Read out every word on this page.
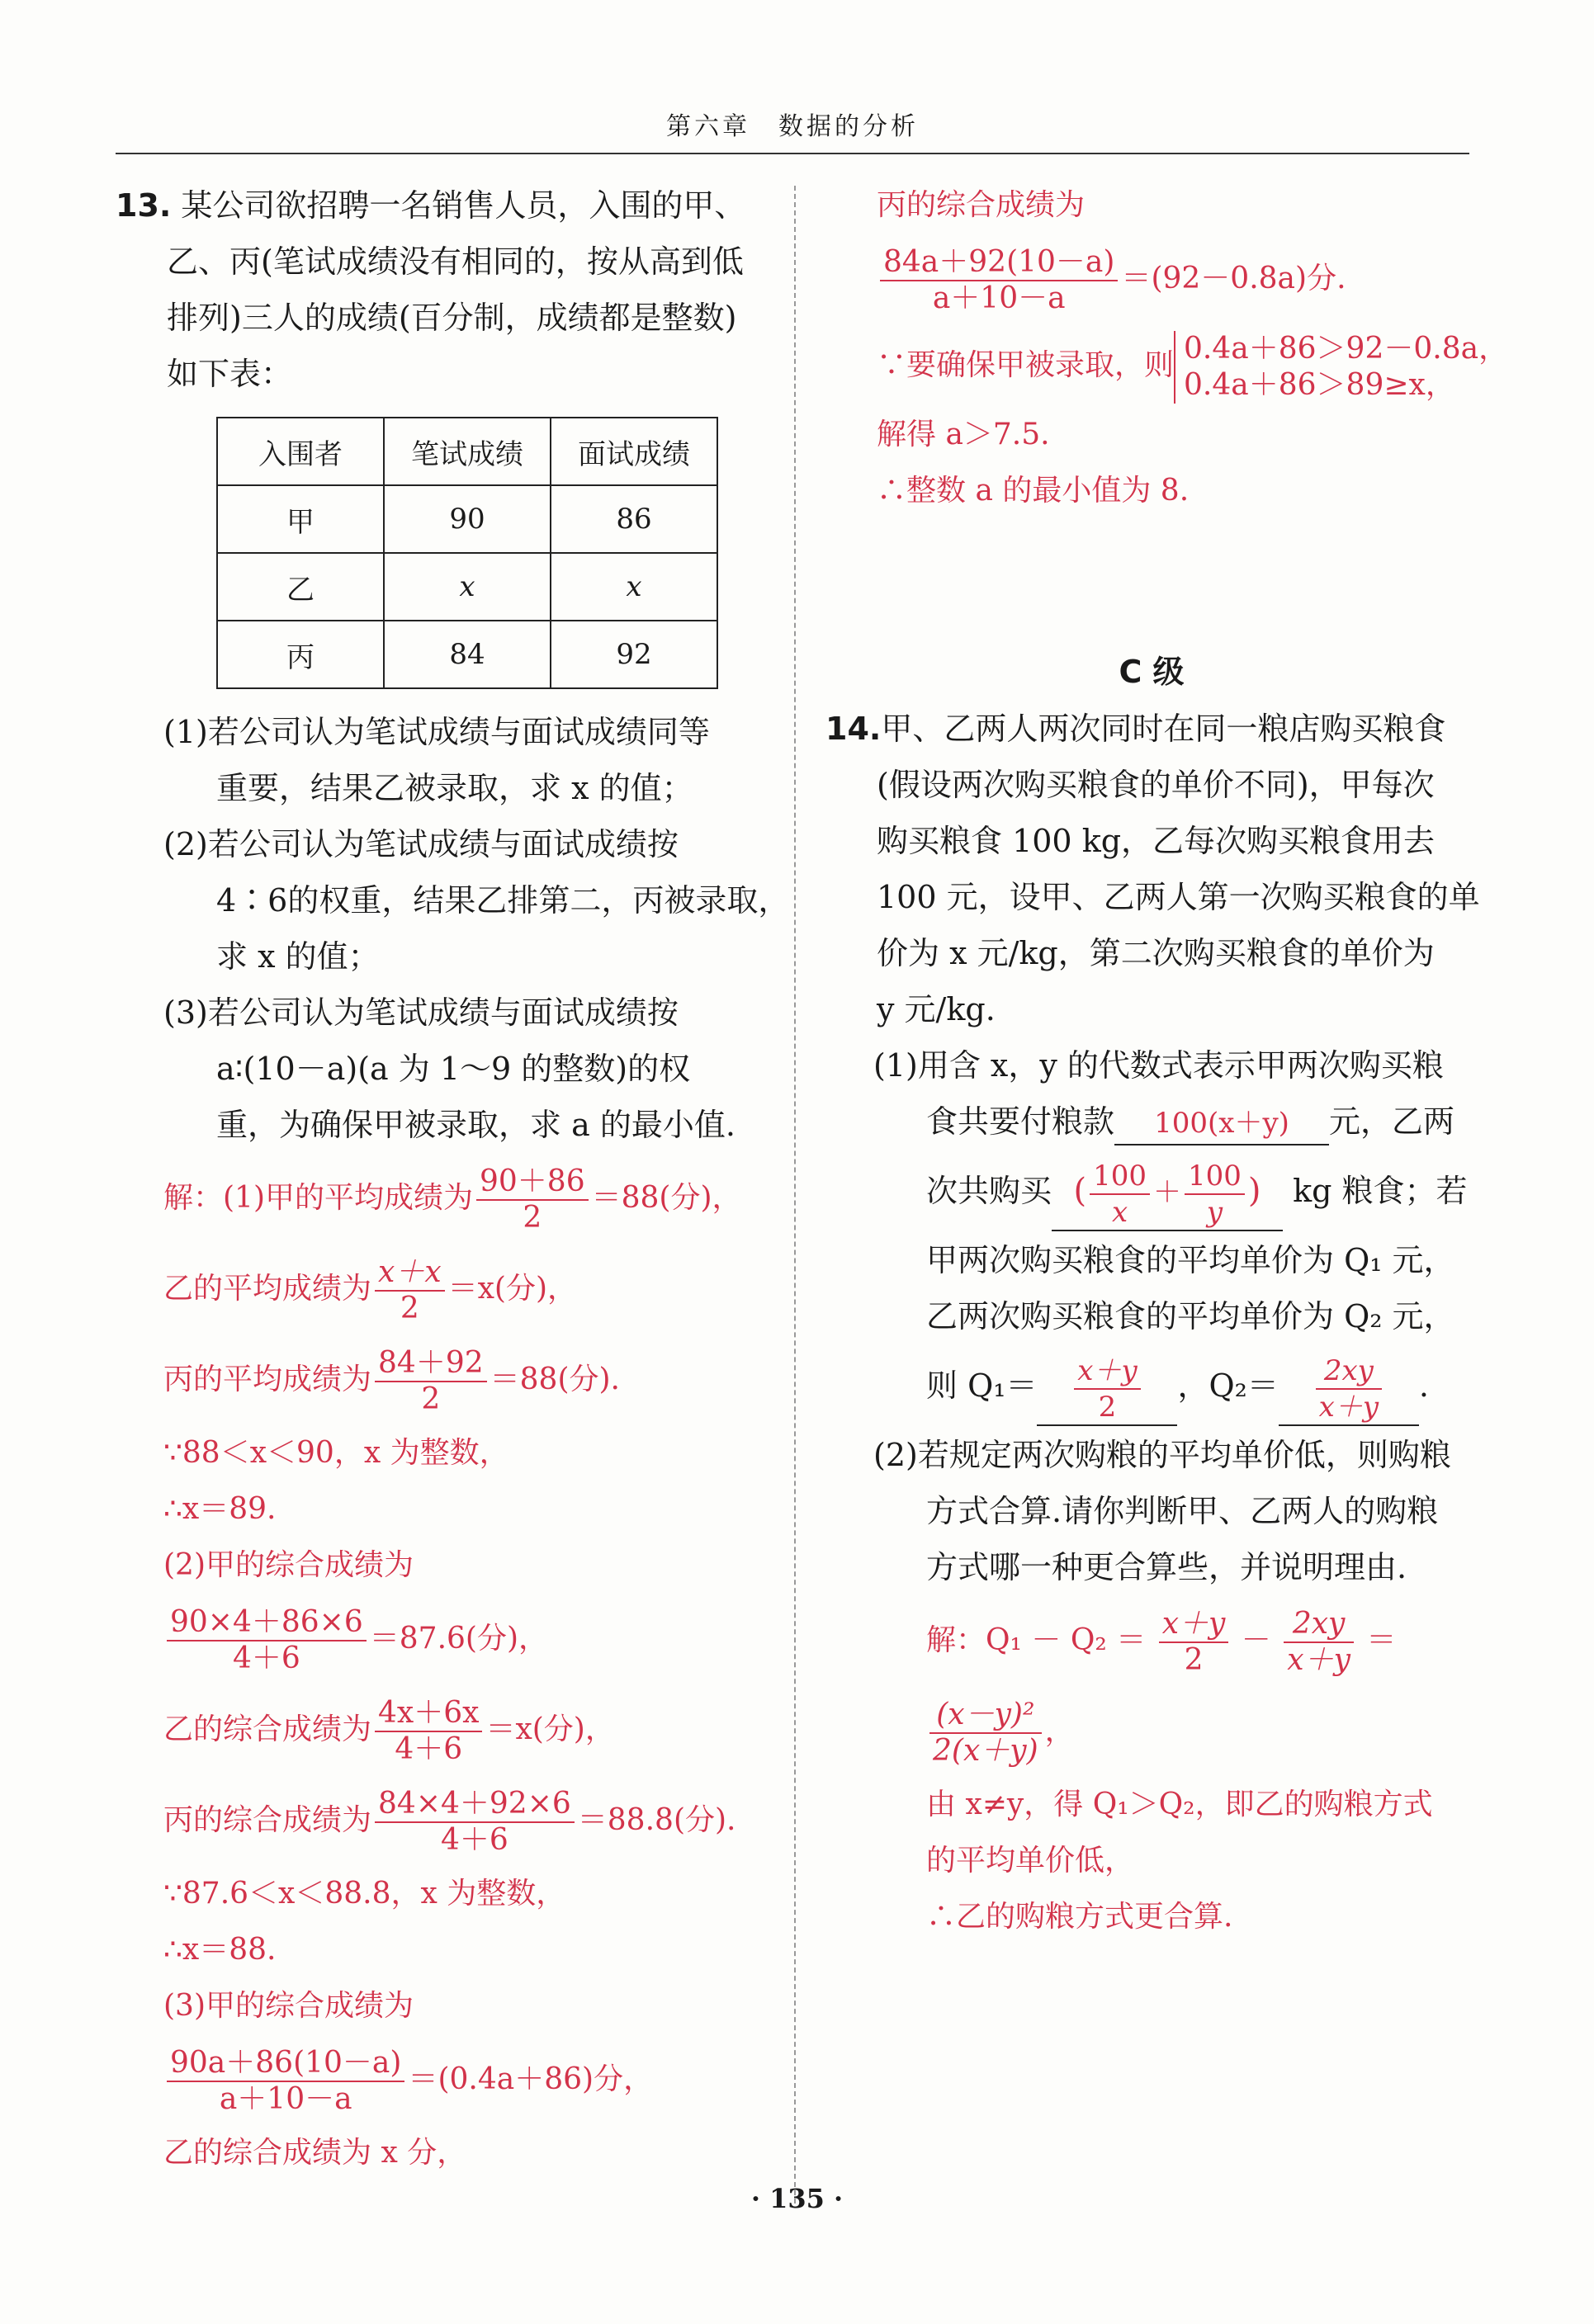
第六章　数据的分析
13. 某公司欲招聘一名销售人员，入围的甲、
乙、丙(笔试成绩没有相同的，按从高到低
排列)三人的成绩(百分制，成绩都是整数)
如下表：
入围者	笔试成绩	面试成绩
甲	90	86
乙	x	x
丙	84	92
(1)若公司认为笔试成绩与面试成绩同等
重要，结果乙被录取，求 x 的值；
(2)若公司认为笔试成绩与面试成绩按
4∶6的权重，结果乙排第二，丙被录取，
求 x 的值；
(3)若公司认为笔试成绩与面试成绩按
a∶(10－a)(a 为 1～9 的整数)的权
重，为确保甲被录取，求 a 的最小值.
解：(1)甲的平均成绩为 $\frac{90+86}{2} =88$(分)，
乙的平均成绩为 $\frac{x+x}{2} =x$(分)，
丙的平均成绩为 $\frac{84+92}{2} =88$(分).
∵88＜x＜90，x 为整数，
∴x＝89.
(2)甲的综合成绩为
$\frac{90\times 4+86\times 6}{4+6} =87.6$(分)，
乙的综合成绩为 $\frac{4x+6x}{4+6} =x$(分)，
丙的综合成绩为 $\frac{84\times 4+92\times 6}{4+6} =88.8$(分).
∵87.6＜x＜88.8，x 为整数，
∴x＝88.
(3)甲的综合成绩为
$\frac{90a+86(10-a)}{a+10-a} =(0.4a+86)$分，
乙的综合成绩为 x 分，
丙的综合成绩为
$\frac{84a+92(10-a)}{a+10-a} =(92-0.8a)$分.
∵要确保甲被录取，则 0.4a＋86＞92－0.8a，
0.4a＋86＞89≥x，
解得 a＞7.5.
∴整数 a 的最小值为 8.
C 级
14.甲、乙两人两次同时在同一粮店购买粮食
(假设两次购买粮食的单价不同)，甲每次
购买粮食 100 kg，乙每次购买粮食用去
100 元，设甲、乙两人第一次购买粮食的单
价为 x 元/kg，第二次购买粮食的单价为
y 元/kg.
(1)用含 x，y 的代数式表示甲两次购买粮
食共要付粮款 100(x＋y) 元，乙两
次共购买 ( $\frac{100}{x} + \frac{100}{y}$ ) kg 粮食；若
甲两次购买粮食的平均单价为 Q₁ 元，
乙两次购买粮食的平均单价为 Q₂ 元，
则 $Q_1= \frac{x+y}{2}$ ，$Q_2= \frac{2xy}{x+y}$ .
(2)若规定两次购粮的平均单价低，则购粮
方式合算.请你判断甲、乙两人的购粮
方式哪一种更合算些，并说明理由.
解：$Q_1 - Q_2 = \frac{x+y}{2} - \frac{2xy}{x+y}$ ＝
$\frac{\text{(x－y)²}}{2(x+y)}$ ，
由 x≠y，得 Q₁＞Q₂，即乙的购粮方式
的平均单价低，
∴乙的购粮方式更合算.
· 135 ·
